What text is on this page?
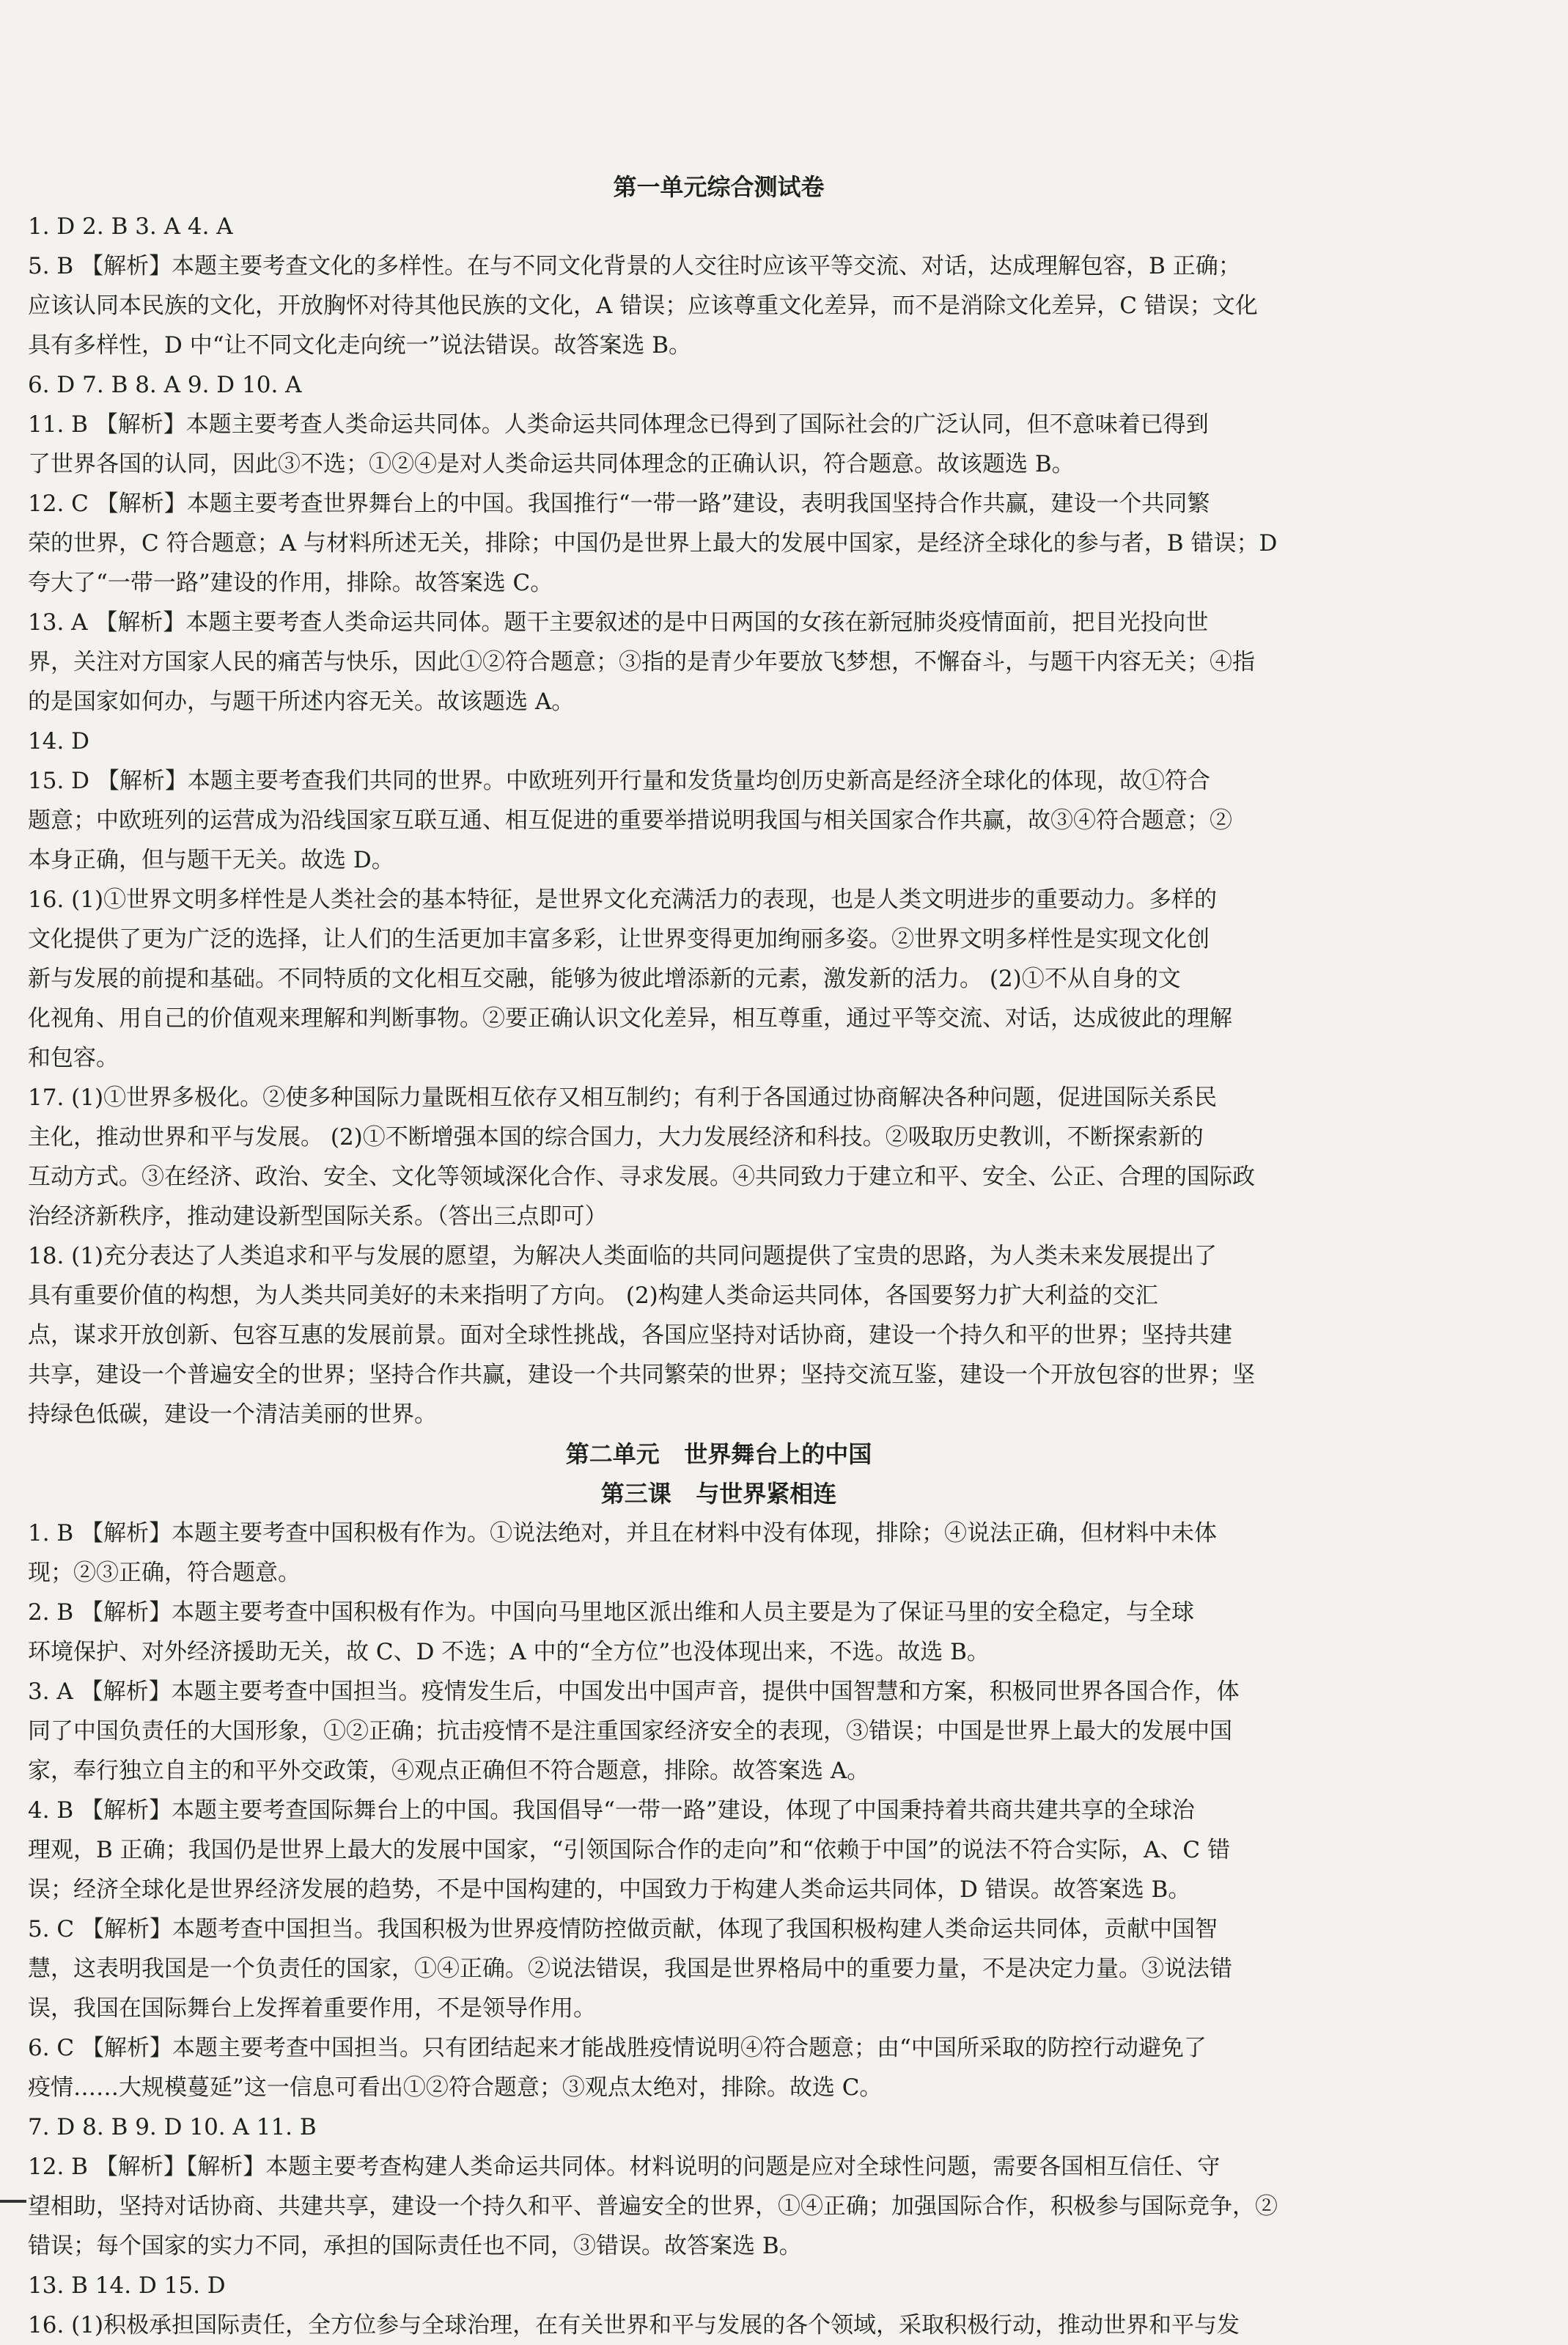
第一单元综合测试卷
1. D 2. B 3. A 4. A
5. B 【解析】本题主要考查文化的多样性。在与不同文化背景的人交往时应该平等交流、对话，达成理解包容，B 正确；
应该认同本民族的文化，开放胸怀对待其他民族的文化，A 错误；应该尊重文化差异，而不是消除文化差异，C 错误；文化
具有多样性，D 中“让不同文化走向统一”说法错误。故答案选 B。
6. D 7. B 8. A 9. D 10. A
11. B 【解析】本题主要考查人类命运共同体。人类命运共同体理念已得到了国际社会的广泛认同，但不意味着已得到
了世界各国的认同，因此③不选；①②④是对人类命运共同体理念的正确认识，符合题意。故该题选 B。
12. C 【解析】本题主要考查世界舞台上的中国。我国推行“一带一路”建设，表明我国坚持合作共赢，建设一个共同繁
荣的世界，C 符合题意；A 与材料所述无关，排除；中国仍是世界上最大的发展中国家，是经济全球化的参与者，B 错误；D
夸大了“一带一路”建设的作用，排除。故答案选 C。
13. A 【解析】本题主要考查人类命运共同体。题干主要叙述的是中日两国的女孩在新冠肺炎疫情面前，把目光投向世
界，关注对方国家人民的痛苦与快乐，因此①②符合题意；③指的是青少年要放飞梦想，不懈奋斗，与题干内容无关；④指
的是国家如何办，与题干所述内容无关。故该题选 A。
14. D
15. D 【解析】本题主要考查我们共同的世界。中欧班列开行量和发货量均创历史新高是经济全球化的体现，故①符合
题意；中欧班列的运营成为沿线国家互联互通、相互促进的重要举措说明我国与相关国家合作共赢，故③④符合题意；②
本身正确，但与题干无关。故选 D。
16. (1)①世界文明多样性是人类社会的基本特征，是世界文化充满活力的表现，也是人类文明进步的重要动力。多样的
文化提供了更为广泛的选择，让人们的生活更加丰富多彩，让世界变得更加绚丽多姿。②世界文明多样性是实现文化创
新与发展的前提和基础。不同特质的文化相互交融，能够为彼此增添新的元素，激发新的活力。 (2)①不从自身的文
化视角、用自己的价值观来理解和判断事物。②要正确认识文化差异，相互尊重，通过平等交流、对话，达成彼此的理解
和包容。
17. (1)①世界多极化。②使多种国际力量既相互依存又相互制约；有利于各国通过协商解决各种问题，促进国际关系民
主化，推动世界和平与发展。 (2)①不断增强本国的综合国力，大力发展经济和科技。②吸取历史教训，不断探索新的
互动方式。③在经济、政治、安全、文化等领域深化合作、寻求发展。④共同致力于建立和平、安全、公正、合理的国际政
治经济新秩序，推动建设新型国际关系。（答出三点即可）
18. (1)充分表达了人类追求和平与发展的愿望，为解决人类面临的共同问题提供了宝贵的思路，为人类未来发展提出了
具有重要价值的构想，为人类共同美好的未来指明了方向。 (2)构建人类命运共同体，各国要努力扩大利益的交汇
点，谋求开放创新、包容互惠的发展前景。面对全球性挑战，各国应坚持对话协商，建设一个持久和平的世界；坚持共建
共享，建设一个普遍安全的世界；坚持合作共赢，建设一个共同繁荣的世界；坚持交流互鉴，建设一个开放包容的世界；坚
持绿色低碳，建设一个清洁美丽的世界。
第二单元   世界舞台上的中国
第三课   与世界紧相连
1. B 【解析】本题主要考查中国积极有作为。①说法绝对，并且在材料中没有体现，排除；④说法正确，但材料中未体
现；②③正确，符合题意。
2. B 【解析】本题主要考查中国积极有作为。中国向马里地区派出维和人员主要是为了保证马里的安全稳定，与全球
环境保护、对外经济援助无关，故 C、D 不选；A 中的“全方位”也没体现出来，不选。故选 B。
3. A 【解析】本题主要考查中国担当。疫情发生后，中国发出中国声音，提供中国智慧和方案，积极同世界各国合作，体
同了中国负责任的大国形象，①②正确；抗击疫情不是注重国家经济安全的表现，③错误；中国是世界上最大的发展中国
家，奉行独立自主的和平外交政策，④观点正确但不符合题意，排除。故答案选 A。
4. B 【解析】本题主要考查国际舞台上的中国。我国倡导“一带一路”建设，体现了中国秉持着共商共建共享的全球治
理观，B 正确；我国仍是世界上最大的发展中国家，“引领国际合作的走向”和“依赖于中国”的说法不符合实际，A、C 错
误；经济全球化是世界经济发展的趋势，不是中国构建的，中国致力于构建人类命运共同体，D 错误。故答案选 B。
5. C 【解析】本题考查中国担当。我国积极为世界疫情防控做贡献，体现了我国积极构建人类命运共同体，贡献中国智
慧，这表明我国是一个负责任的国家，①④正确。②说法错误，我国是世界格局中的重要力量，不是决定力量。③说法错
误，我国在国际舞台上发挥着重要作用，不是领导作用。
6. C 【解析】本题主要考查中国担当。只有团结起来才能战胜疫情说明④符合题意；由“中国所采取的防控行动避免了
疫情……大规模蔓延”这一信息可看出①②符合题意；③观点太绝对，排除。故选 C。
7. D 8. B 9. D 10. A 11. B
12. B 【解析】【解析】本题主要考查构建人类命运共同体。材料说明的问题是应对全球性问题，需要各国相互信任、守
望相助，坚持对话协商、共建共享，建设一个持久和平、普遍安全的世界，①④正确；加强国际合作，积极参与国际竞争，②
错误；每个国家的实力不同，承担的国际责任也不同，③错误。故答案选 B。
13. B 14. D 15. D
16. (1)积极承担国际责任，全方位参与全球治理，在有关世界和平与发展的各个领域，采取积极行动，推动世界和平与发
